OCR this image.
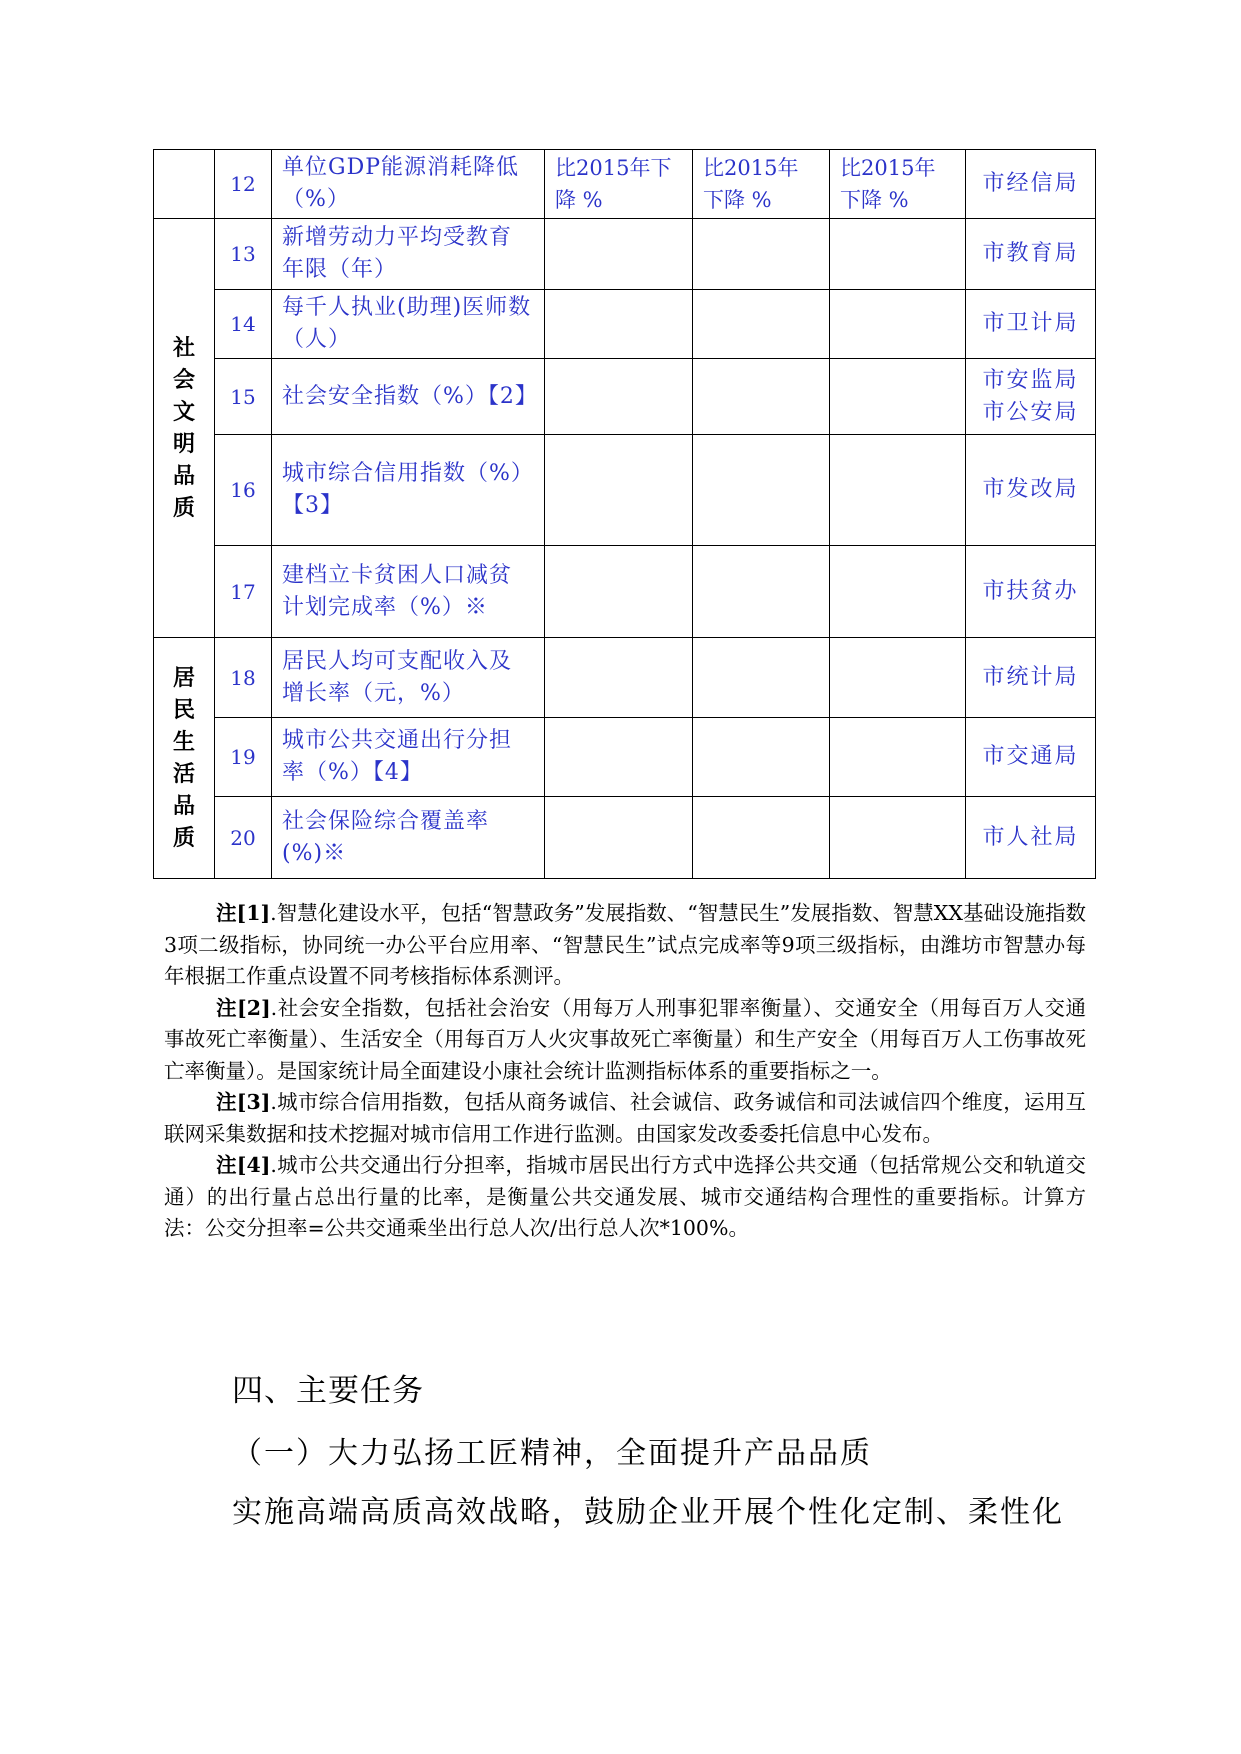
	12	单位GDP能源消耗降低（%）	比2015年下降 %	比2015年下降 %	比2015年下降 %	市经信局

社会文明品质	13	新增劳动力平均受教育年限（年）				市教育局

	14	每千人执业(助理)医师数（人）				市卫计局

	15	社会安全指数（%）【2】				市安监局
市公安局

	16	城市综合信用指数（%）【3】				市发改局

	17	建档立卡贫困人口减贫计划完成率（%）※				市扶贫办

居民生活品质	18	居民人均可支配收入及增长率（元，%）				市统计局

	19	城市公共交通出行分担率（%）【4】				市交通局

	20	社会保险综合覆盖率(%)※				市人社局

注[1].智慧化建设水平，包括“智慧政务”发展指数、“智慧民生”发展指数、智慧XX基础设施指数3项二级指标，协同统一办公平台应用率、“智慧民生”试点完成率等9项三级指标，由潍坊市智慧办每年根据工作重点设置不同考核指标体系测评。

注[2].社会安全指数，包括社会治安（用每万人刑事犯罪率衡量）、交通安全（用每百万人交通事故死亡率衡量）、生活安全（用每百万人火灾事故死亡率衡量）和生产安全（用每百万人工伤事故死亡率衡量）。是国家统计局全面建设小康社会统计监测指标体系的重要指标之一。

注[3].城市综合信用指数，包括从商务诚信、社会诚信、政务诚信和司法诚信四个维度，运用互联网采集数据和技术挖掘对城市信用工作进行监测。由国家发改委委托信息中心发布。

注[4].城市公共交通出行分担率，指城市居民出行方式中选择公共交通（包括常规公交和轨道交通）的出行量占总出行量的比率，是衡量公共交通发展、城市交通结构合理性的重要指标。计算方法：公交分担率=公共交通乘坐出行总人次/出行总人次*100%。

四、主要任务
（一）大力弘扬工匠精神，全面提升产品品质

实施高端高质高效战略，鼓励企业开展个性化定制、柔性化
